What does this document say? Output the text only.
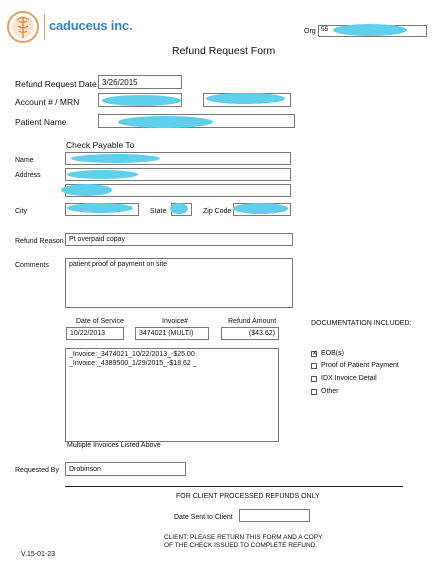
caduceus inc.	Org 55
Refund Request Form
Refund Request Date 3/26/2015
Account # / MRN
Patient Name
Check Payable To
Name
Address
City	State	Zip Code
Refund Reason Pt overpaid copay
Comments	patient proof of payment on site
Date of Service	Invoice#	Refund Amount
10/22/2013	3474021 (MULTI)	($43.62)
DOCUMENTATION INCLUDED:
_Invoice:_3474021_10/22/2013_-$25.00
_Invoice:_4389500_1/29/2015_-$18.62 _
Multiple Invoices Listed Above
✕ EOB(s)
Proof of Patient Payment
IDX Invoice Detail
Other
Requested By	Drobinson
FOR CLIENT PROCESSED REFUNDS ONLY
Date Sent to Client
CLIENT: PLEASE RETURN THIS FORM AND A COPY
OF THE CHECK ISSUED TO COMPLETE REFUND.
V.15-01-23
